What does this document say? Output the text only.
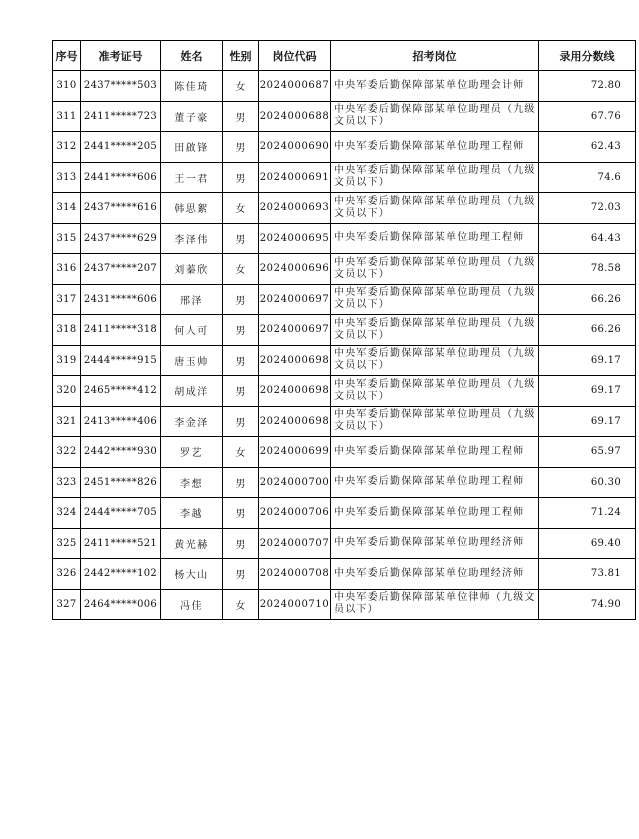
序号	准考证号	姓名	性别	岗位代码	招考岗位	录用分数线
310	2437*****503	陈佳琦	女	2024000687	中央军委后勤保障部某单位助理会计师	72.80
311	2411*****723	董子豪	男	2024000688	中央军委后勤保障部某单位助理员（九级文员以下）	67.76
312	2441*****205	田啟锋	男	2024000690	中央军委后勤保障部某单位助理工程师	62.43
313	2441*****606	王一君	男	2024000691	中央军委后勤保障部某单位助理员（九级文员以下）	74.6
314	2437*****616	韩思絮	女	2024000693	中央军委后勤保障部某单位助理员（九级文员以下）	72.03
315	2437*****629	李泽伟	男	2024000695	中央军委后勤保障部某单位助理工程师	64.43
316	2437*****207	刘蓁欣	女	2024000696	中央军委后勤保障部某单位助理员（九级文员以下）	78.58
317	2431*****606	邢泽	男	2024000697	中央军委后勤保障部某单位助理员（九级文员以下）	66.26
318	2411*****318	何人可	男	2024000697	中央军委后勤保障部某单位助理员（九级文员以下）	66.26
319	2444*****915	唐玉帅	男	2024000698	中央军委后勤保障部某单位助理员（九级文员以下）	69.17
320	2465*****412	胡成洋	男	2024000698	中央军委后勤保障部某单位助理员（九级文员以下）	69.17
321	2413*****406	李金泽	男	2024000698	中央军委后勤保障部某单位助理员（九级文员以下）	69.17
322	2442*****930	罗艺	女	2024000699	中央军委后勤保障部某单位助理工程师	65.97
323	2451*****826	李想	男	2024000700	中央军委后勤保障部某单位助理工程师	60.30
324	2444*****705	李越	男	2024000706	中央军委后勤保障部某单位助理工程师	71.24
325	2411*****521	黄光赫	男	2024000707	中央军委后勤保障部某单位助理经济师	69.40
326	2442*****102	杨大山	男	2024000708	中央军委后勤保障部某单位助理经济师	73.81
327	2464*****006	冯佳	女	2024000710	中央军委后勤保障部某单位律师（九级文员以下）	74.90
